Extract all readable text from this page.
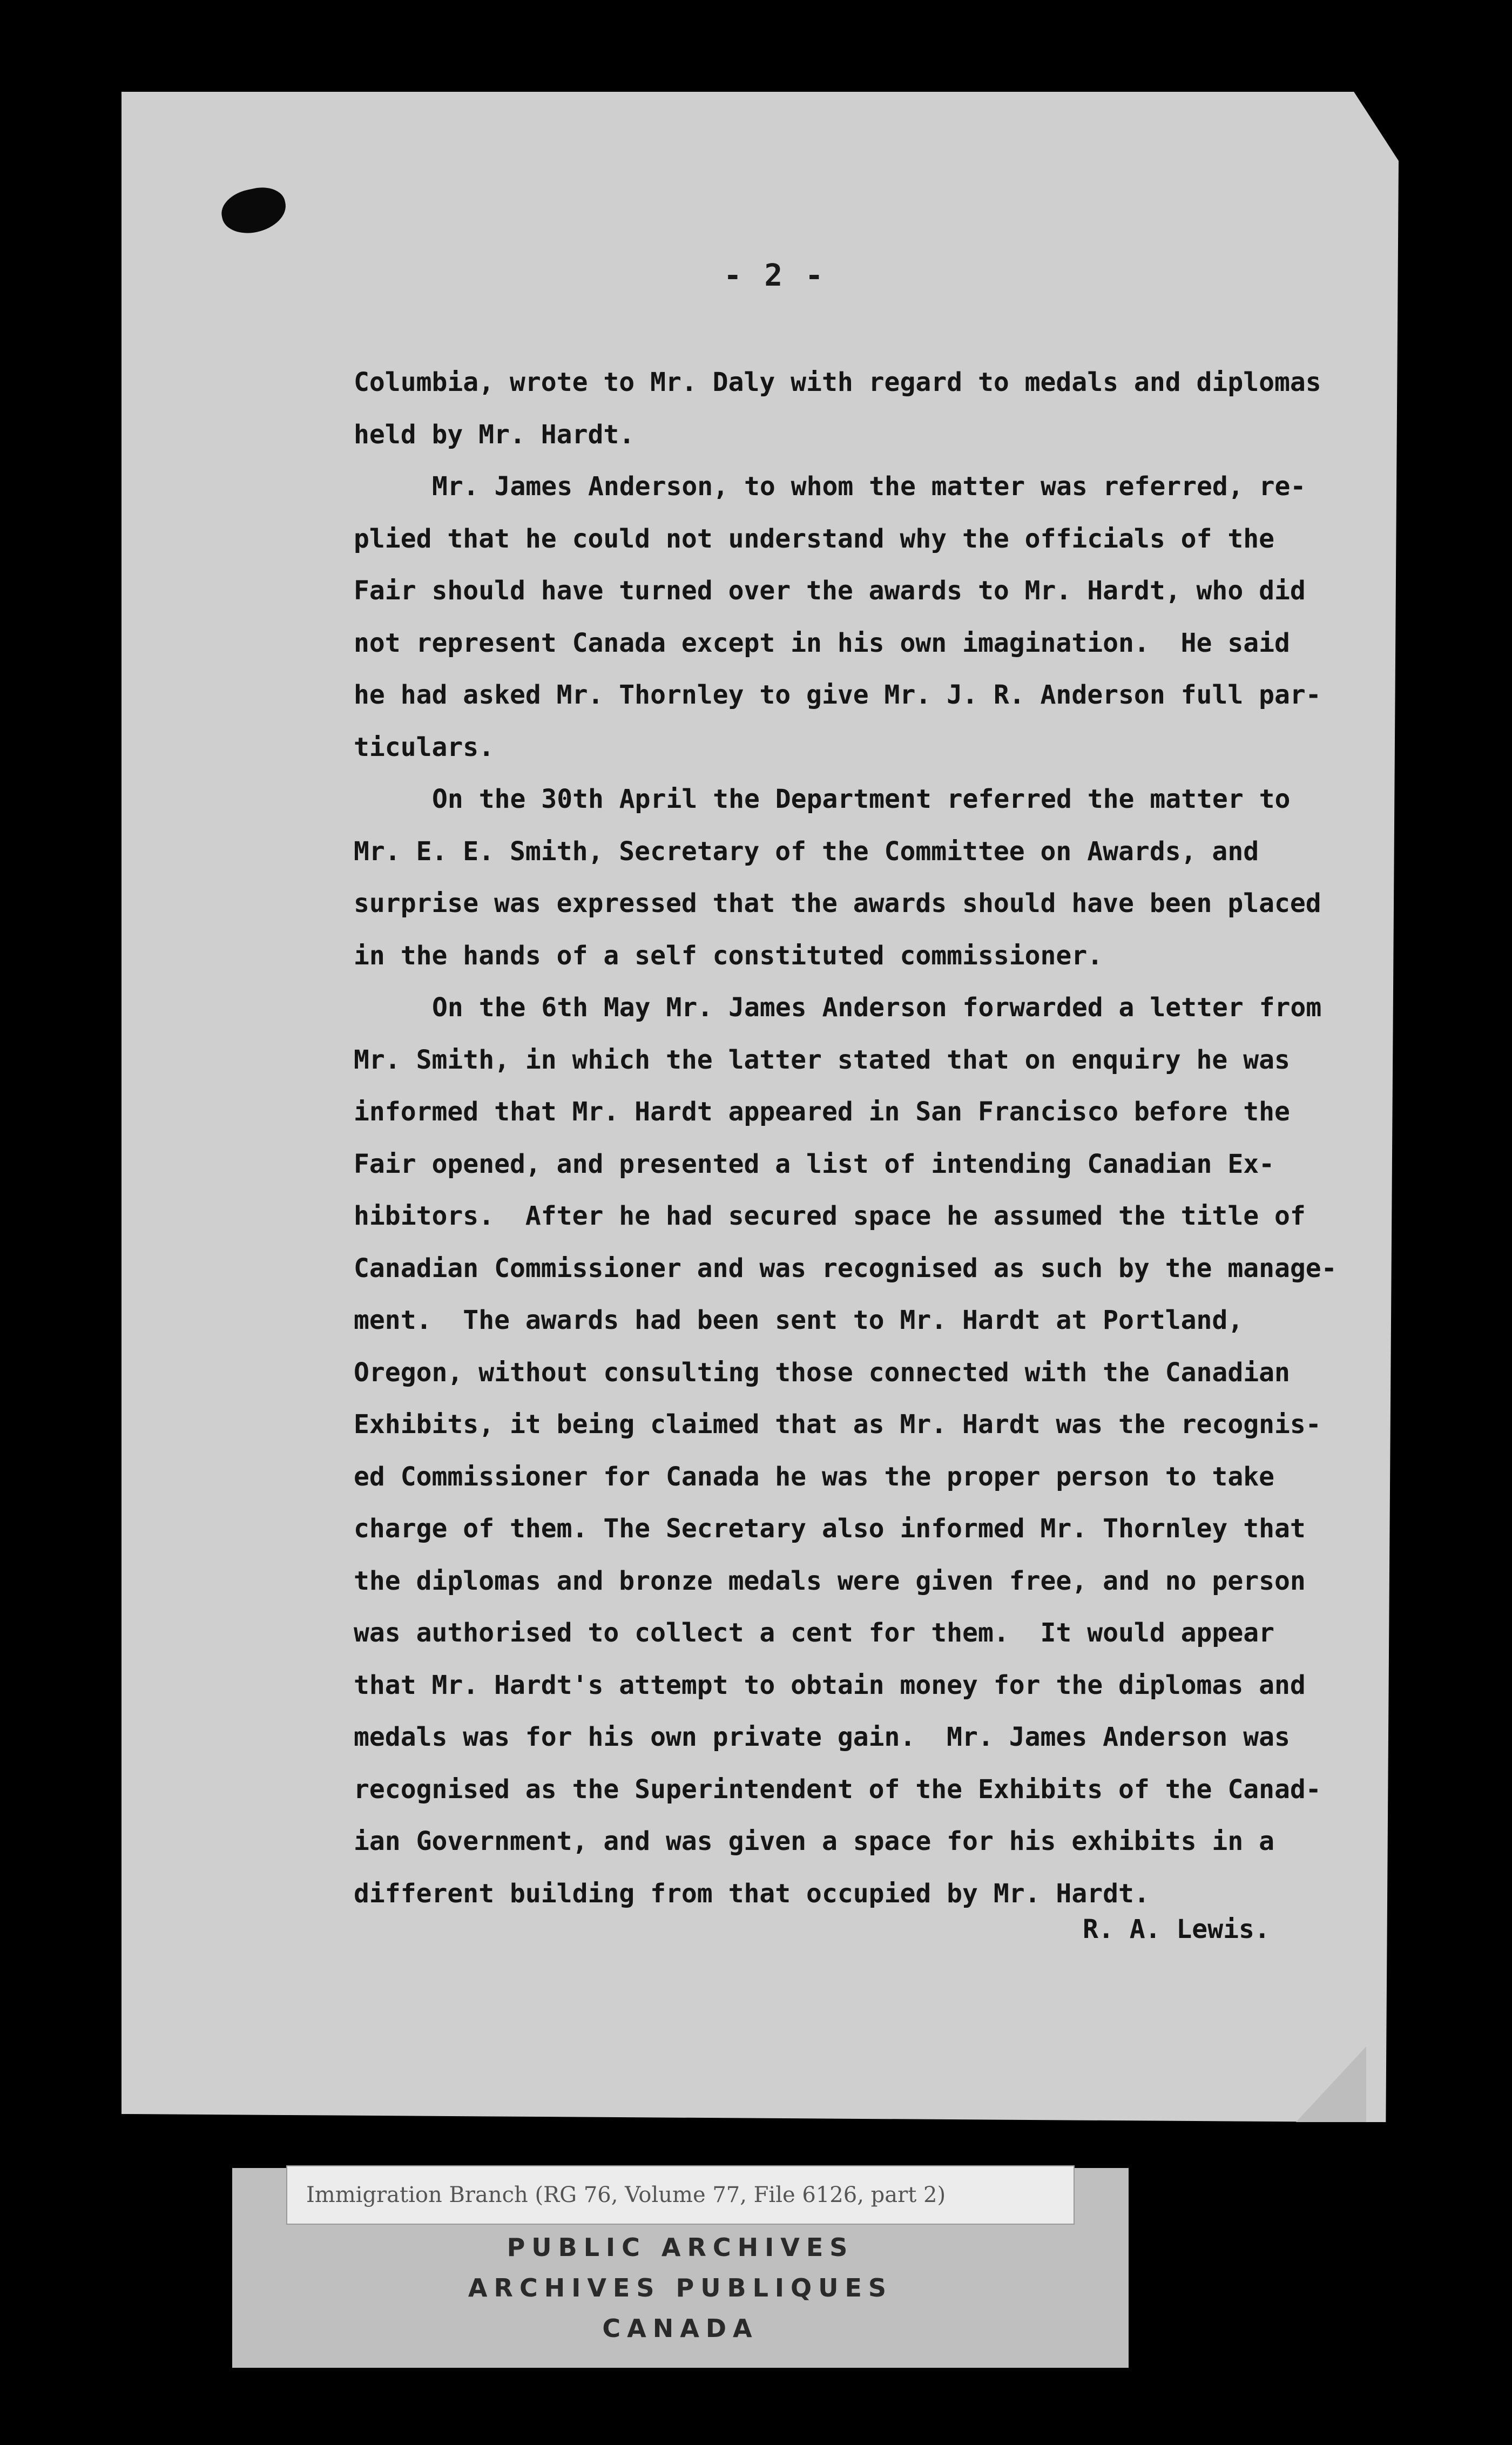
- 2 -
Columbia, wrote to Mr. Daly with regard to medals and diplomas
held by Mr. Hardt.
Mr. James Anderson, to whom the matter was referred, re-
plied that he could not understand why the officials of the
Fair should have turned over the awards to Mr. Hardt, who did
not represent Canada except in his own imagination.  He said
he had asked Mr. Thornley to give Mr. J. R. Anderson full par-
ticulars.
On the 30th April the Department referred the matter to
Mr. E. E. Smith, Secretary of the Committee on Awards, and
surprise was expressed that the awards should have been placed
in the hands of a self constituted commissioner.
On the 6th May Mr. James Anderson forwarded a letter from
Mr. Smith, in which the latter stated that on enquiry he was
informed that Mr. Hardt appeared in San Francisco before the
Fair opened, and presented a list of intending Canadian Ex-
hibitors.  After he had secured space he assumed the title of
Canadian Commissioner and was recognised as such by the manage-
ment.  The awards had been sent to Mr. Hardt at Portland,
Oregon, without consulting those connected with the Canadian
Exhibits, it being claimed that as Mr. Hardt was the recognis-
ed Commissioner for Canada he was the proper person to take
charge of them. The Secretary also informed Mr. Thornley that
the diplomas and bronze medals were given free, and no person
was authorised to collect a cent for them.  It would appear
that Mr. Hardt's attempt to obtain money for the diplomas and
medals was for his own private gain.  Mr. James Anderson was
recognised as the Superintendent of the Exhibits of the Canad-
ian Government, and was given a space for his exhibits in a
different building from that occupied by Mr. Hardt.
R. A. Lewis.
PUBLIC ARCHIVES
ARCHIVES PUBLIQUES
CANADA
Immigration Branch (RG 76, Volume 77, File 6126, part 2)
